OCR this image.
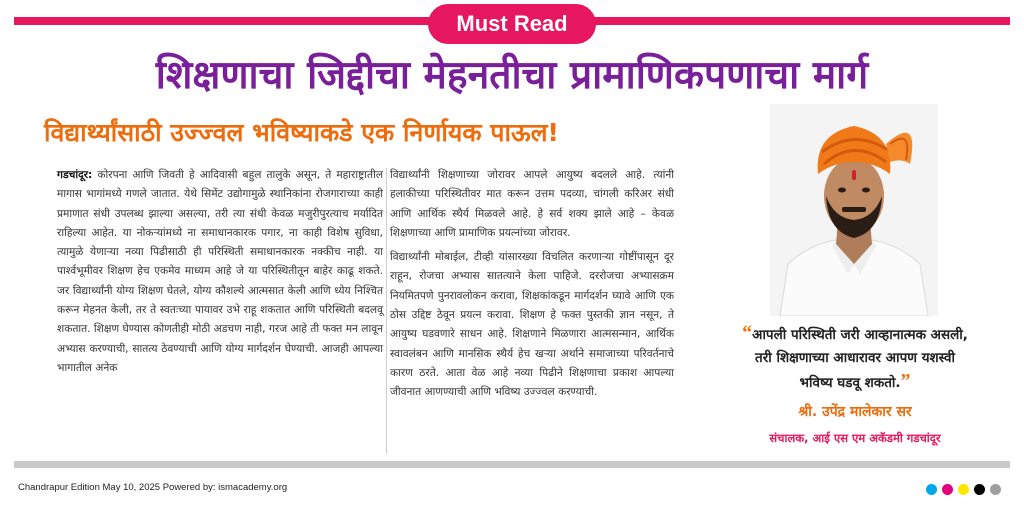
Must Read
शिक्षणाचा जिद्दीचा मेहनतीचा प्रामाणिकपणाचा मार्ग
विद्यार्थ्यांसाठी उज्ज्वल भविष्याकडे एक निर्णायक पाऊल!

गडचांदूर: कोरपना आणि जिवती हे आदिवासी बहुल तालुके असून, ते महाराष्ट्रातील मागास भागांमध्ये गणले जातात. येथे सिमेंट उद्योगामुळे स्थानिकांना रोजगाराच्या काही प्रमाणात संधी उपलब्ध झाल्या असल्या, तरी त्या संधी केवळ मजुरीपुरत्याच मर्यादित राहिल्या आहेत. या नोकऱ्यांमध्ये ना समाधानकारक पगार, ना काही विशेष सुविधा, त्यामुळे येणाऱ्या नव्या पिढीसाठी ही परिस्थिती समाधानकारक नक्कीच नाही. या पार्श्वभूमीवर शिक्षण हेच एकमेव माध्यम आहे जे या परिस्थितीतून बाहेर काढू शकते. जर विद्यार्थ्यांनी योग्य शिक्षण घेतले, योग्य कौशल्ये आत्मसात केली आणि ध्येय निश्चित करून मेहनत केली, तर ते स्वतःच्या पायावर उभे राहू शकतात आणि परिस्थिती बदलवू शकतात. शिक्षण घेण्यास कोणतीही मोठी अडचण नाही, गरज आहे ती फक्त मन लावून अभ्यास करण्याची, सातत्य ठेवण्याची आणि योग्य मार्गदर्शन घेण्याची. आजही आपल्या भागातील अनेक

विद्यार्थ्यांनी शिक्षणाच्या जोरावर आपले आयुष्य बदलले आहे. त्यांनी हलाकीच्या परिस्थितीवर मात करून उत्तम पदव्या, चांगली करिअर संधी आणि आर्थिक स्थैर्य मिळवले आहे. हे सर्व शक्य झाले आहे – केवळ शिक्षणाच्या आणि प्रामाणिक प्रयत्नांच्या जोरावर.

विद्यार्थ्यांनी मोबाईल, टीव्ही यांसारख्या विचलित करणाऱ्या गोष्टींपासून दूर राहून, रोजचा अभ्यास सातत्याने केला पाहिजे. दररोजचा अभ्यासक्रम नियमितपणे पुनरावलोकन करावा, शिक्षकांकडून मार्गदर्शन घ्यावे आणि एक ठोस उद्दिष्ट ठेवून प्रयत्न करावा. शिक्षण हे फक्त पुस्तकी ज्ञान नसून, ते आयुष्य घडवणारे साधन आहे. शिक्षणाने मिळणारा आत्मसन्मान, आर्थिक स्वावलंबन आणि मानसिक स्थैर्य हेच खऱ्या अर्थाने समाजाच्या परिवर्तनाचे कारण ठरते. आता वेळ आहे नव्या पिढीने शिक्षणाचा प्रकाश आपल्या जीवनात आणण्याची आणि भविष्य उज्ज्वल करण्याची.

“आपली परिस्थिती जरी आव्हानात्मक असली,
तरी शिक्षणाच्या आधारावर आपण यशस्वी
भविष्य घडवू शकतो.”
श्री. उपेंद्र मालेकार सर
संचालक, आई एस एम अकॅडमी गडचांदूर
Chandrapur Edition May 10, 2025 Powered by: ismacademy.org
